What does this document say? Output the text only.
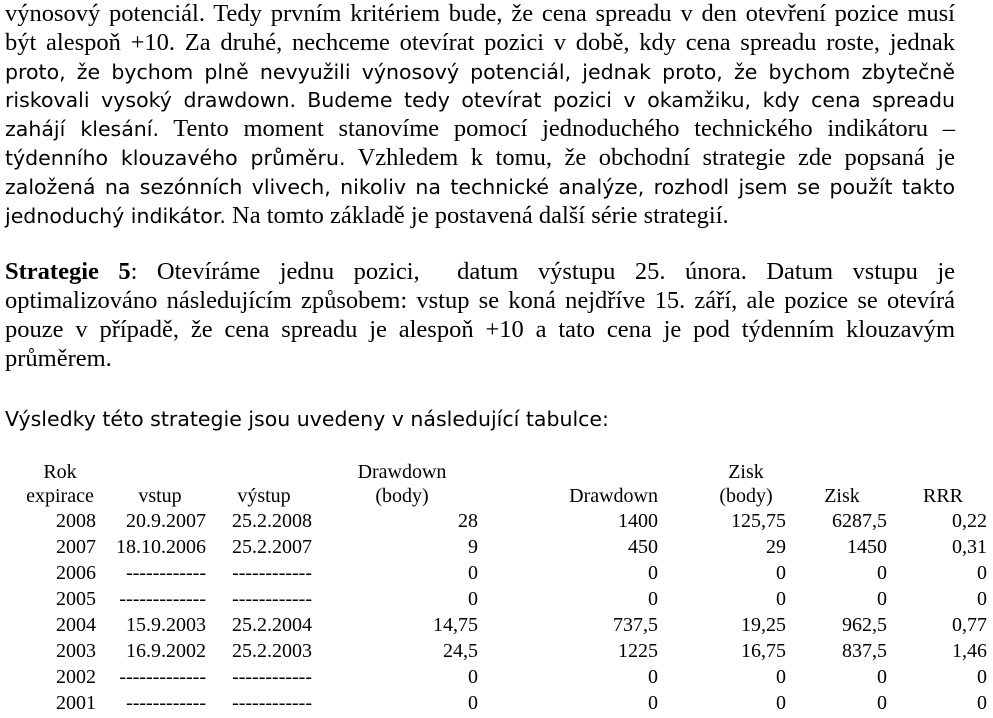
výnosový potenciál. Tedy prvním kritériem bude, že cena spreadu v den otevření pozice musí
být alespoň +10. Za druhé, nechceme otevírat pozici v době, kdy cena spreadu roste, jednak
proto, že bychom plně nevyužili výnosový potenciál, jednak proto, že bychom zbytečně
riskovali vysoký drawdown. Budeme tedy otevírat pozici v okamžiku, kdy cena spreadu
zahájí klesání. Tento moment stanovíme pomocí jednoduchého technického indikátoru –
týdenního klouzavého průměru. Vzhledem k tomu, že obchodní strategie zde popsaná je
založená na sezónních vlivech, nikoliv na technické analýze, rozhodl jsem se použít takto
jednoduchý indikátor. Na tomto základě je postavená další série strategií.
Strategie 5: Otevíráme jednu pozici, datum výstupu 25. února. Datum vstupu je
optimalizováno následujícím způsobem: vstup se koná nejdříve 15. září, ale pozice se otevírá
pouze v případě, že cena spreadu je alespoň +10 a tato cena je pod týdenním klouzavým
průměrem.
Výsledky této strategie jsou uvedeny v následující tabulce:
Rok			Drawdown		Zisk		
expirace	vstup	výstup	(body)	Drawdown	(body)	Zisk	RRR
2008	20.9.2007	25.2.2008	28	1400	125,75	6287,5	0,22
2007	18.10.2006	25.2.2007	9	450	29	1450	0,31
2006	------------	------------	0	0	0	0	0
2005	-------------	------------	0	0	0	0	0
2004	15.9.2003	25.2.2004	14,75	737,5	19,25	962,5	0,77
2003	16.9.2002	25.2.2003	24,5	1225	16,75	837,5	1,46
2002	-------------	------------	0	0	0	0	0
2001	------------	------------	0	0	0	0	0
